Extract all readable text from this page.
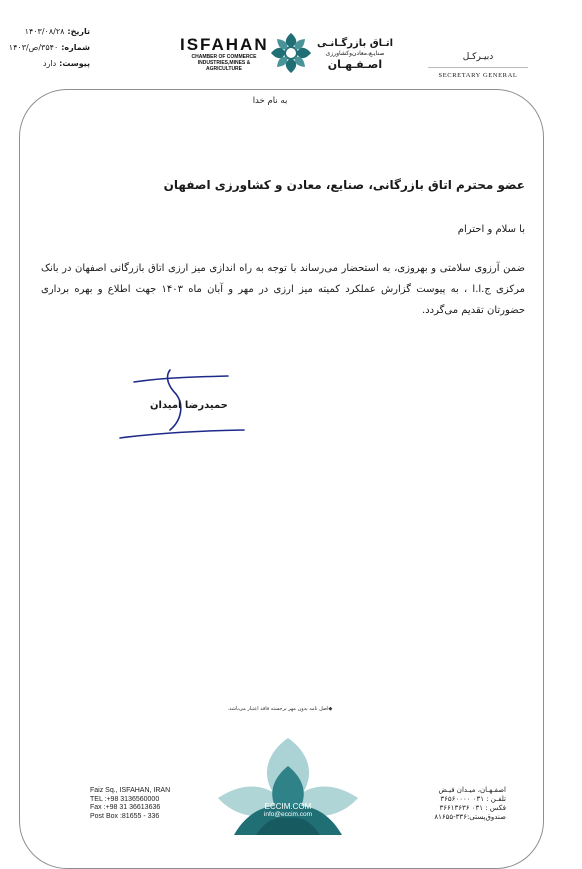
تاریخ:
۱۴۰۳/۰۸/۲۸
شماره:
۳۵۴۰/ص/۱۴۰۳
پیوست:
دارد
ISFAHAN
CHAMBER OF COMMERCE
INDUSTRIES,MINES & AGRICULTURE
اتـاق بازرگـانـی
صنایـع،معادن‌وکشاورزی
اصـفـهـان
دبیـرکـل
SECRETARY GENERAL
به نام خدا
عضو محترم اتاق بازرگانی، صنایع، معادن و کشاورزی اصفهان
با سلام و احترام
ضمن آرزوی سلامتی و بهروزی، به استحضار می‌رساند با توجه به راه اندازی میز ارزی اتاق بازرگانی اصفهان در بانک مرکزی ج.ا.ا ، به پیوست گزارش عملکرد کمیته میز ارزی در مهر و آبان ماه ۱۴۰۳ جهت اطلاع و بهره برداری حضورتان تقدیم می‌گردد.
حمیدرضا امیدان
◆اصل نامه بدون مهر برجسته فاقد اعتبار می‌باشد.
Faiz Sq., ISFAHAN, IRAN
TEL : +98 3136560000
Fax : +98 31 36613636
Post Box : 81655 - 336
ECCIM.COM
info@eccim.com
اصفـهـان، میـدان فیـض
تلفـن : ۰۳۱ ۳۶۵۶۰۰۰۰
فکس : ۰۳۱ ۳۶۶۱۳۶۳۶
صندوق‌پستی:۳۳۶-۸۱۶۵۵
